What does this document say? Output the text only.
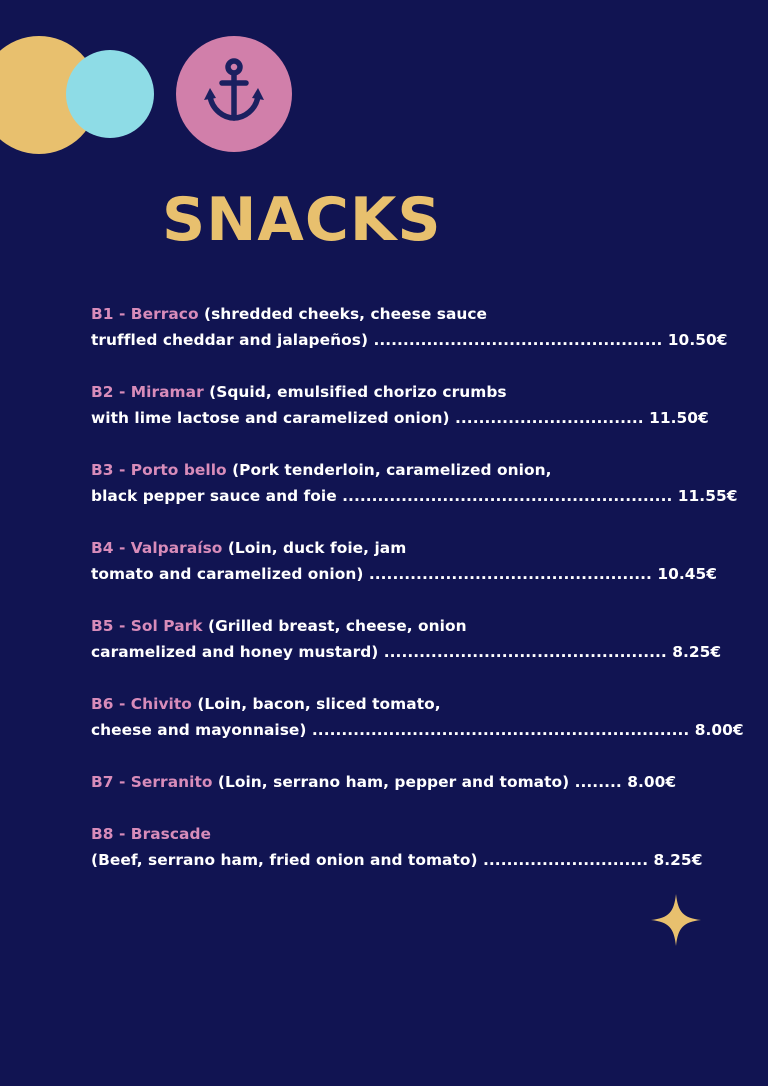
SNACKS
B1 - Berraco (shredded cheeks, cheese sauce
truffled cheddar and jalapeños) ................................................. 10.50€
B2 - Miramar (Squid, emulsified chorizo crumbs
with lime lactose and caramelized onion) ................................ 11.50€
B3 - Porto bello (Pork tenderloin, caramelized onion,
black pepper sauce and foie ........................................................ 11.55€
B4 - Valparaíso (Loin, duck foie, jam
tomato and caramelized onion) ................................................ 10.45€
B5 - Sol Park (Grilled breast, cheese, onion
caramelized and honey mustard) ................................................ 8.25€
B6 - Chivito (Loin, bacon, sliced tomato,
cheese and mayonnaise) ................................................................ 8.00€
B7 - Serranito (Loin, serrano ham, pepper and tomato) ........ 8.00€
B8 - Brascade
(Beef, serrano ham, fried onion and tomato) ............................ 8.25€
